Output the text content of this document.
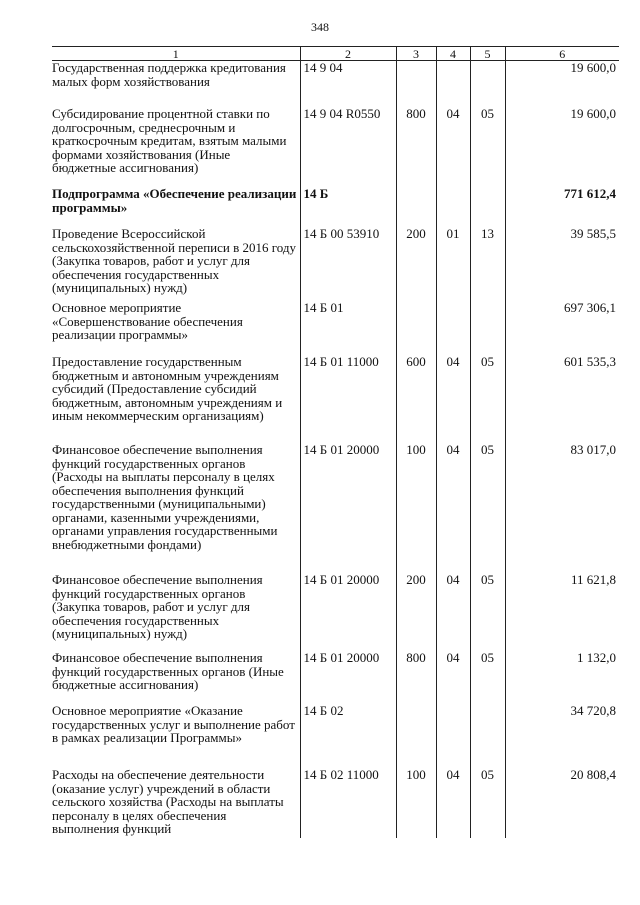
348
1	2	3	4	5	6
Государственная поддержка кредитования малых форм хозяйствования	14 9 04				19 600,0
Субсидирование процентной ставки по долгосрочным, среднесрочным и краткосрочным кредитам, взятым малыми формами хозяйствования (Иные бюджетные ассигнования)	14 9 04 R0550	800	04	05	19 600,0
Подпрограмма «Обеспечение реализации программы»	14 Б				771 612,4
Проведение Всероссийской сельскохозяйственной переписи в 2016 году (Закупка товаров, работ и услуг для обеспечения государственных (муниципальных) нужд)	14 Б 00 53910	200	01	13	39 585,5
Основное мероприятие «Совершенствование обеспечения реализации программы»	14 Б 01				697 306,1
Предоставление государственным бюджетным и автономным учреждениям субсидий (Предоставление субсидий бюджетным, автономным учреждениям и иным некоммерческим организациям)	14 Б 01 11000	600	04	05	601 535,3
Финансовое обеспечение выполнения функций государственных органов (Расходы на выплаты персоналу в целях обеспечения выполнения функций государственными (муниципальными) органами, казенными учреждениями, органами управления государственными внебюджетными фондами)	14 Б 01 20000	100	04	05	83 017,0
Финансовое обеспечение выполнения функций государственных органов (Закупка товаров, работ и услуг для обеспечения государственных (муниципальных) нужд)	14 Б 01 20000	200	04	05	11 621,8
Финансовое обеспечение выполнения функций государственных органов (Иные бюджетные ассигнования)	14 Б 01 20000	800	04	05	1 132,0
Основное мероприятие «Оказание государственных услуг и выполнение работ в рамках реализации Программы»	14 Б 02				34 720,8
Расходы на обеспечение деятельности (оказание услуг) учреждений в области сельского хозяйства (Расходы на выплаты персоналу в целях обеспечения выполнения функций	14 Б 02 11000	100	04	05	20 808,4
